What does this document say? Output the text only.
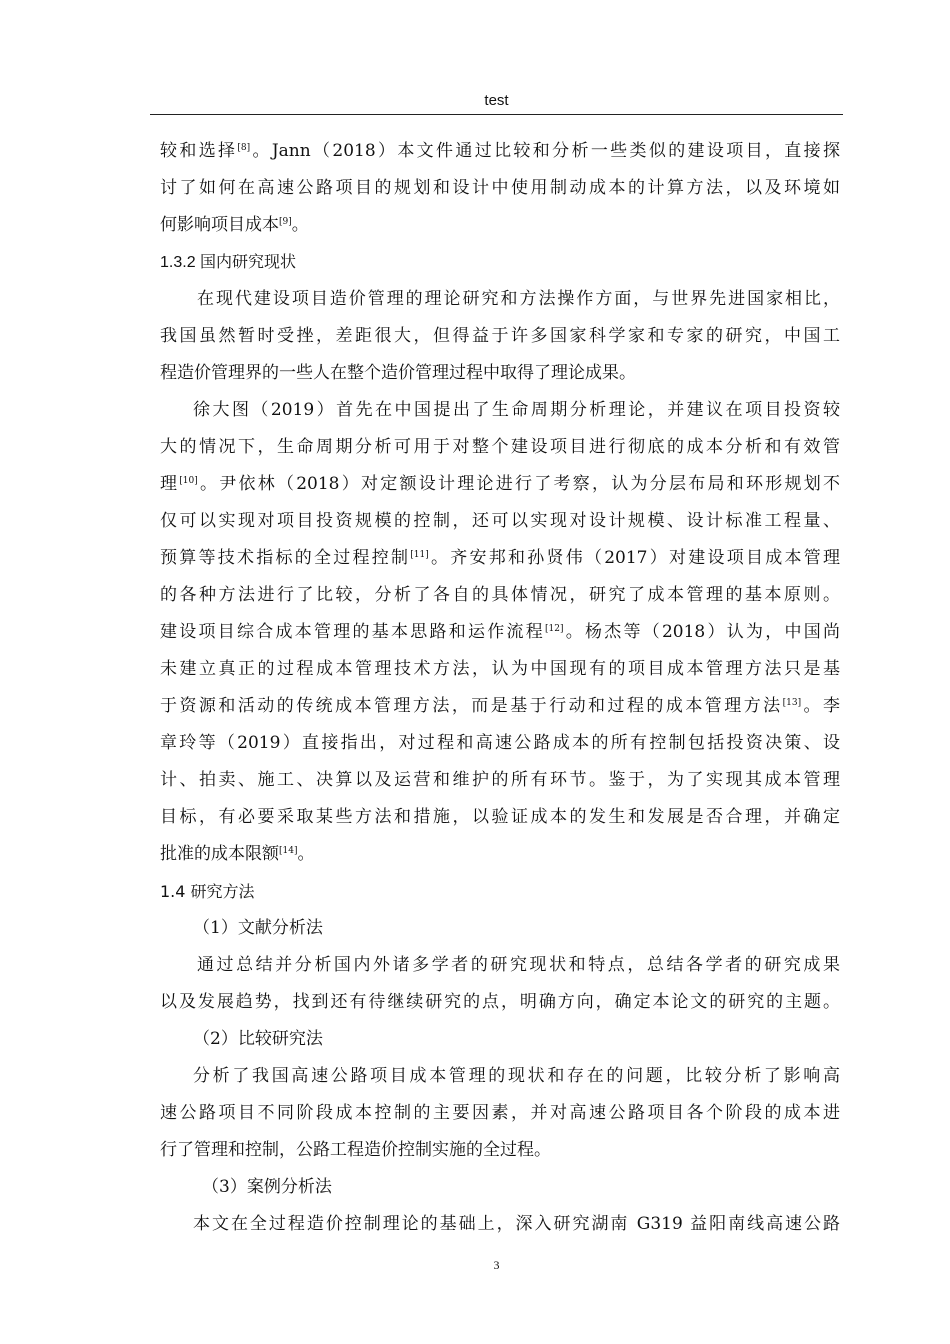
test
较和选择[8]。Jann（2018）本文件通过比较和分析一些类似的建设项目，直接探
讨了如何在高速公路项目的规划和设计中使用制动成本的计算方法，以及环境如
何影响项目成本[9]。
1.3.2 国内研究现状
在现代建设项目造价管理的理论研究和方法操作方面，与世界先进国家相比，
我国虽然暂时受挫，差距很大，但得益于许多国家科学家和专家的研究，中国工
程造价管理界的一些人在整个造价管理过程中取得了理论成果。
徐大图（2019）首先在中国提出了生命周期分析理论，并建议在项目投资较
大的情况下，生命周期分析可用于对整个建设项目进行彻底的成本分析和有效管
理[10]。尹依林（2018）对定额设计理论进行了考察，认为分层布局和环形规划不
仅可以实现对项目投资规模的控制，还可以实现对设计规模、设计标准工程量、
预算等技术指标的全过程控制[11]。齐安邦和孙贤伟（2017）对建设项目成本管理
的各种方法进行了比较，分析了各自的具体情况，研究了成本管理的基本原则。
建设项目综合成本管理的基本思路和运作流程[12]。杨杰等（2018）认为，中国尚
未建立真正的过程成本管理技术方法，认为中国现有的项目成本管理方法只是基
于资源和活动的传统成本管理方法，而是基于行动和过程的成本管理方法[13]。李
章玲等（2019）直接指出，对过程和高速公路成本的所有控制包括投资决策、设
计、拍卖、施工、决算以及运营和维护的所有环节。鉴于，为了实现其成本管理
目标，有必要采取某些方法和措施，以验证成本的发生和发展是否合理，并确定
批准的成本限额[14]。
1.4 研究方法
（1）文献分析法
通过总结并分析国内外诸多学者的研究现状和特点，总结各学者的研究成果
以及发展趋势，找到还有待继续研究的点，明确方向，确定本论文的研究的主题。
（2）比较研究法
分析了我国高速公路项目成本管理的现状和存在的问题，比较分析了影响高
速公路项目不同阶段成本控制的主要因素，并对高速公路项目各个阶段的成本进
行了管理和控制，公路工程造价控制实施的全过程。
（3）案例分析法
本文在全过程造价控制理论的基础上，深入研究湖南 G319 益阳南线高速公路
3
